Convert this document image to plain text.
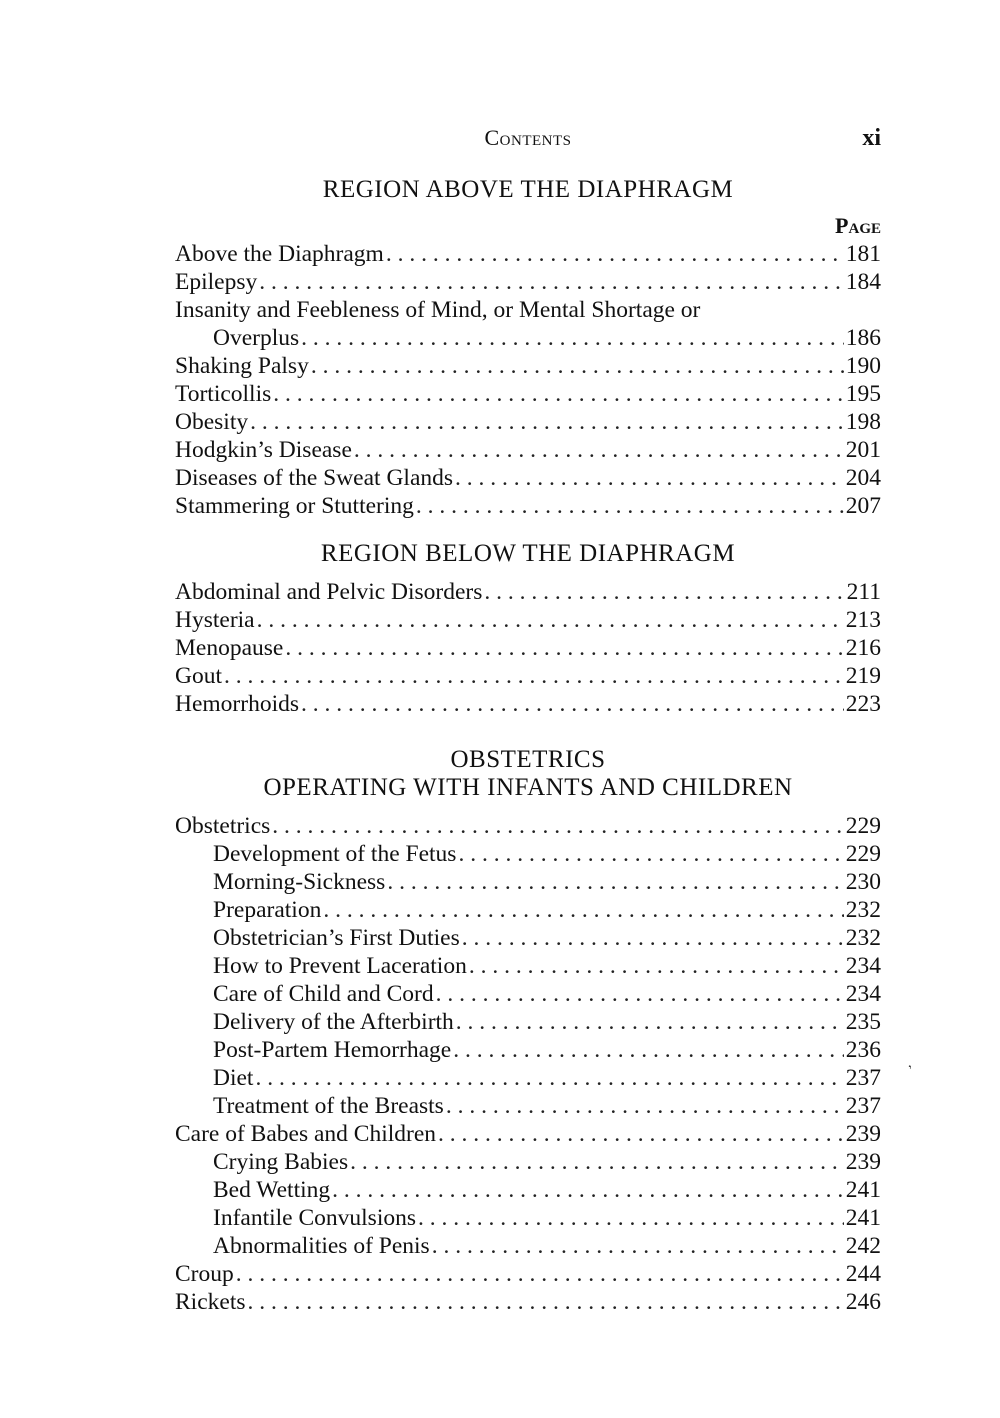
Contents	xi
REGION ABOVE THE DIAPHRAGM
Page
Above the Diaphragm . . .	181
Epilepsy . . .	184
Insanity and Feebleness of Mind, or Mental Shortage or
Overplus . . .	186
Shaking Palsy . . .	190
Torticollis . . .	195
Obesity . . .	198
Hodgkin’s Disease . . .	201
Diseases of the Sweat Glands . . .	204
Stammering or Stuttering . . .	207
REGION BELOW THE DIAPHRAGM
Abdominal and Pelvic Disorders . . .	211
Hysteria . . .	213
Menopause . . .	216
Gout . . .	219
Hemorrhoids . . .	223
OBSTETRICS
OPERATING WITH INFANTS AND CHILDREN
Obstetrics . . .	229
Development of the Fetus . . .	229
Morning-Sickness . . .	230
Preparation . . .	232
Obstetrician’s First Duties . . .	232
How to Prevent Laceration . . .	234
Care of Child and Cord . . .	234
Delivery of the Afterbirth . . .	235
Post-Partem Hemorrhage . . .	236
Diet . . .	237
Treatment of the Breasts . . .	237
Care of Babes and Children . . .	239
Crying Babies . . .	239
Bed Wetting . . .	241
Infantile Convulsions . . .	241
Abnormalities of Penis . . .	242
Croup . . .	244
Rickets . . .	246
’
